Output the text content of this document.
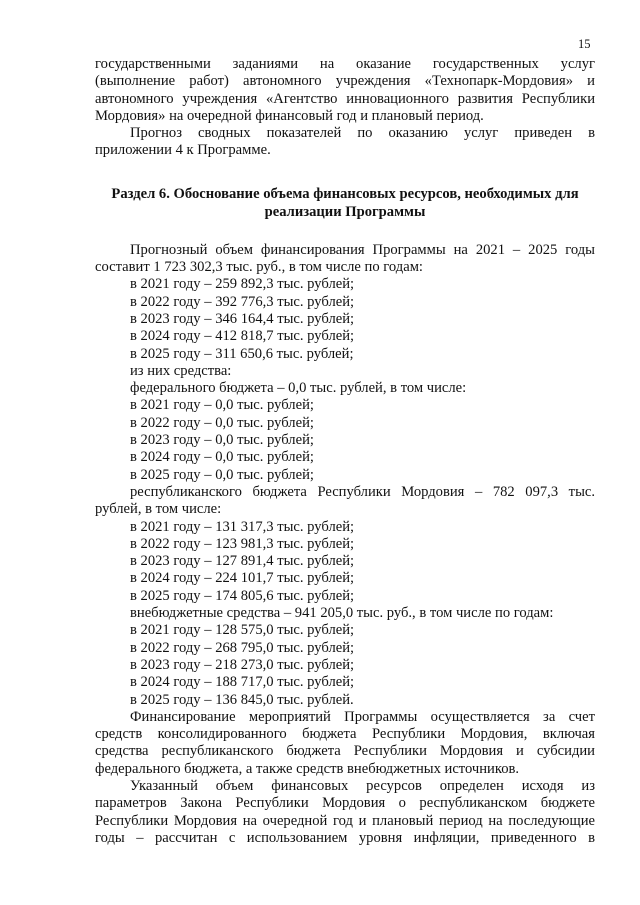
15

государственными заданиями на оказание государственных услуг

(выполнение работ) автономного учреждения «Технопарк-Мордовия» и

автономного учреждения «Агентство инновационного развития Республики

Мордовия» на очередной финансовый год и плановый период.

Прогноз сводных показателей по оказанию услуг приведен в

приложении 4 к Программе.

Раздел 6. Обоснование объема финансовых ресурсов, необходимых для
реализации Программы

Прогнозный объем финансирования Программы на 2021 – 2025 годы

составит 1 723 302,3 тыс. руб., в том числе по годам:

в 2021 году – 259 892,3 тыс. рублей;

в 2022 году – 392 776,3 тыс. рублей;

в 2023 году – 346 164,4 тыс. рублей;

в 2024 году – 412 818,7 тыс. рублей;

в 2025 году – 311 650,6 тыс. рублей;

из них средства:

федерального бюджета – 0,0 тыс. рублей, в том числе:

в 2021 году – 0,0 тыс. рублей;

в 2022 году – 0,0 тыс. рублей;

в 2023 году – 0,0 тыс. рублей;

в 2024 году – 0,0 тыс. рублей;

в 2025 году – 0,0 тыс. рублей;

республиканского бюджета Республики Мордовия – 782 097,3 тыс.

рублей, в том числе:

в 2021 году – 131 317,3 тыс. рублей;

в 2022 году – 123 981,3 тыс. рублей;

в 2023 году – 127 891,4 тыс. рублей;

в 2024 году – 224 101,7 тыс. рублей;

в 2025 году – 174 805,6 тыс. рублей;

внебюджетные средства – 941 205,0 тыс. руб., в том числе по годам:

в 2021 году – 128 575,0 тыс. рублей;

в 2022 году – 268 795,0 тыс. рублей;

в 2023 году – 218 273,0 тыс. рублей;

в 2024 году – 188 717,0 тыс. рублей;

в 2025 году – 136 845,0 тыс. рублей.

Финансирование мероприятий Программы осуществляется за счет

средств консолидированного бюджета Республики Мордовия, включая

средства республиканского бюджета Республики Мордовия и субсидии

федерального бюджета, а также средств внебюджетных источников.

Указанный объем финансовых ресурсов определен исходя из

параметров Закона Республики Мордовия о республиканском бюджете

Республики Мордовия на очередной год и плановый период на последующие

годы – рассчитан с использованием уровня инфляции, приведенного в
